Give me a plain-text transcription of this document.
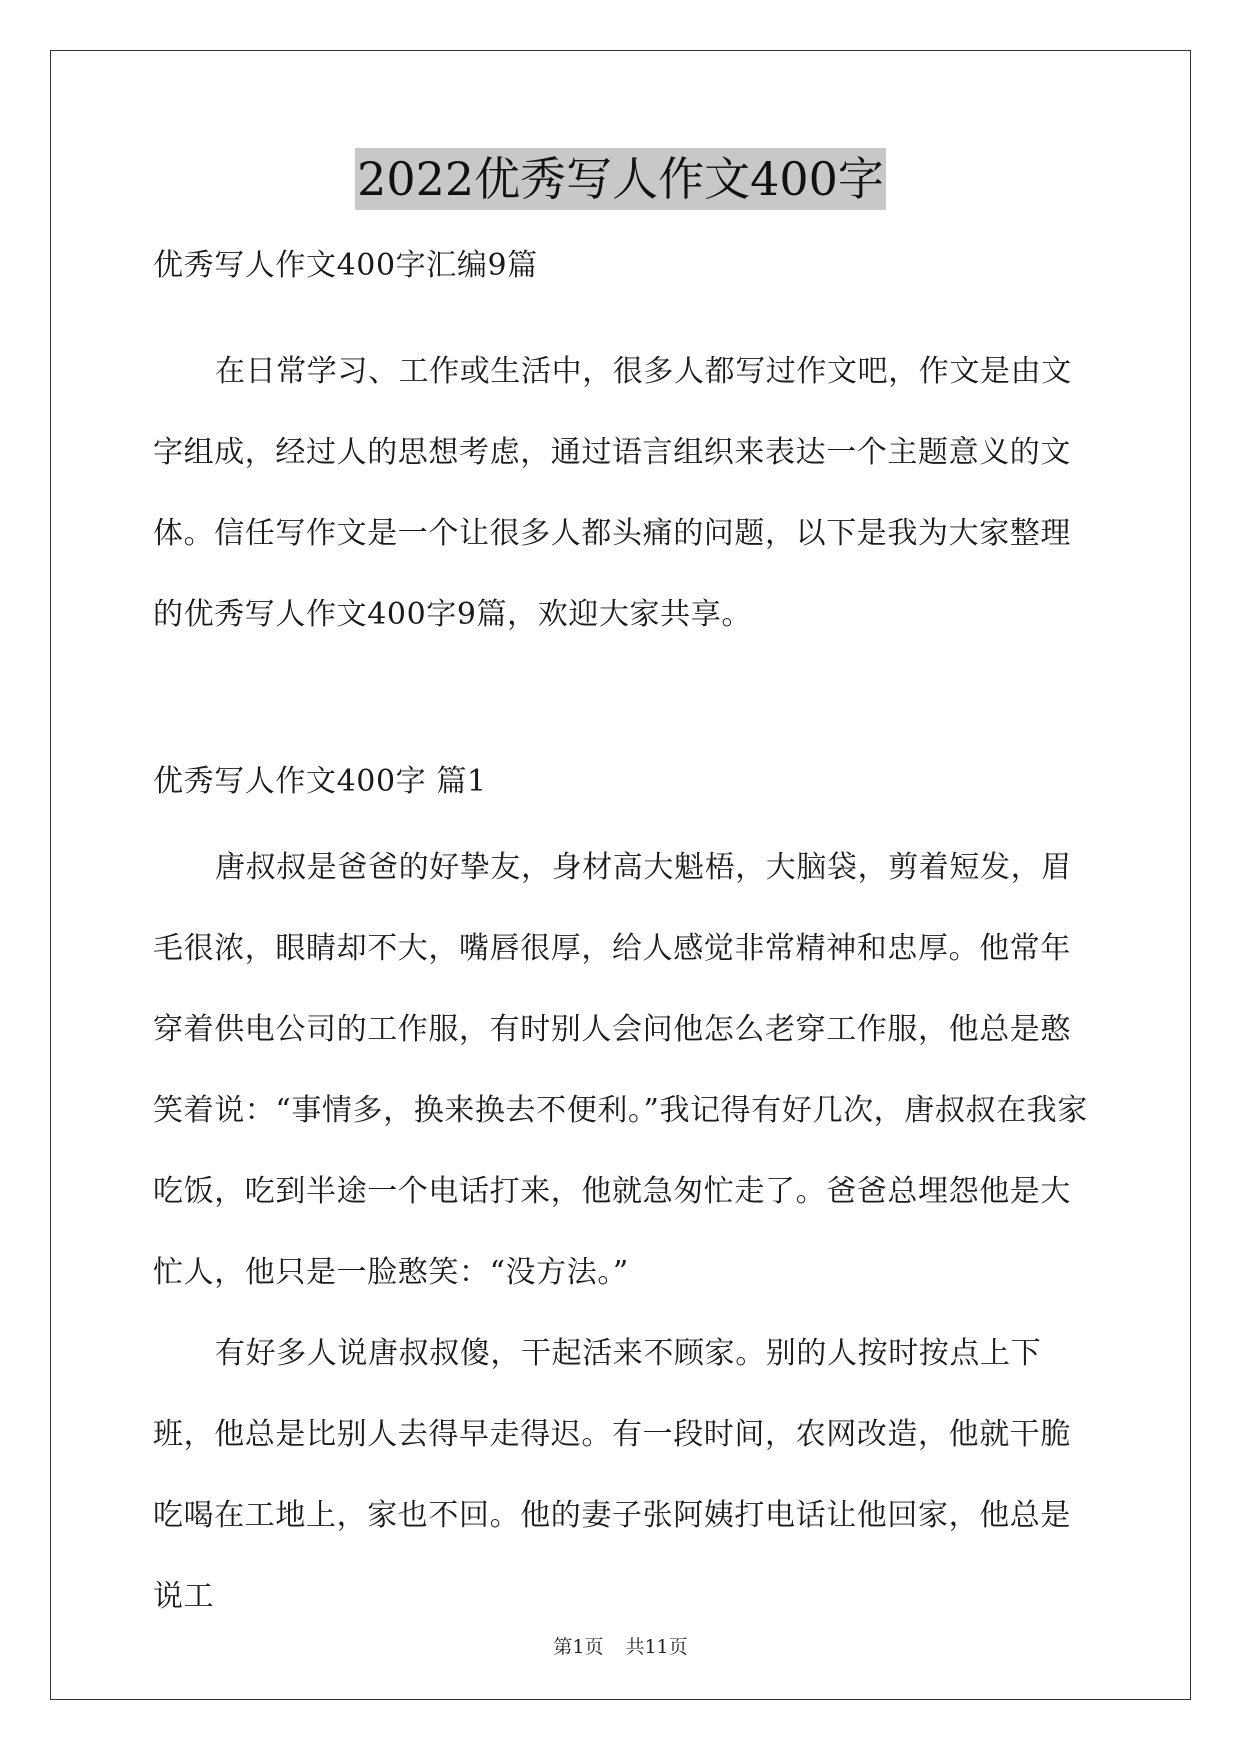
2022优秀写人作文400字

优秀写人作文400字汇编9篇

在日常学习、工作或生活中，很多人都写过作文吧，作文是由文字组成，经过人的思想考虑，通过语言组织来表达一个主题意义的文体。信任写作文是一个让很多人都头痛的问题，以下是我为大家整理的优秀写人作文400字9篇，欢迎大家共享。

优秀写人作文400字 篇1

唐叔叔是爸爸的好挚友，身材高大魁梧，大脑袋，剪着短发，眉毛很浓，眼睛却不大，嘴唇很厚，给人感觉非常精神和忠厚。他常年穿着供电公司的工作服，有时别人会问他怎么老穿工作服，他总是憨笑着说：“事情多，换来换去不便利。”我记得有好几次，唐叔叔在我家吃饭，吃到半途一个电话打来，他就急匆忙走了。爸爸总埋怨他是大忙人，他只是一脸憨笑：“没方法。”

有好多人说唐叔叔傻，干起活来不顾家。别的人按时按点上下班，他总是比别人去得早走得迟。有一段时间，农网改造，他就干脆吃喝在工地上，家也不回。他的妻子张阿姨打电话让他回家，他总是说工

第1页 共11页
